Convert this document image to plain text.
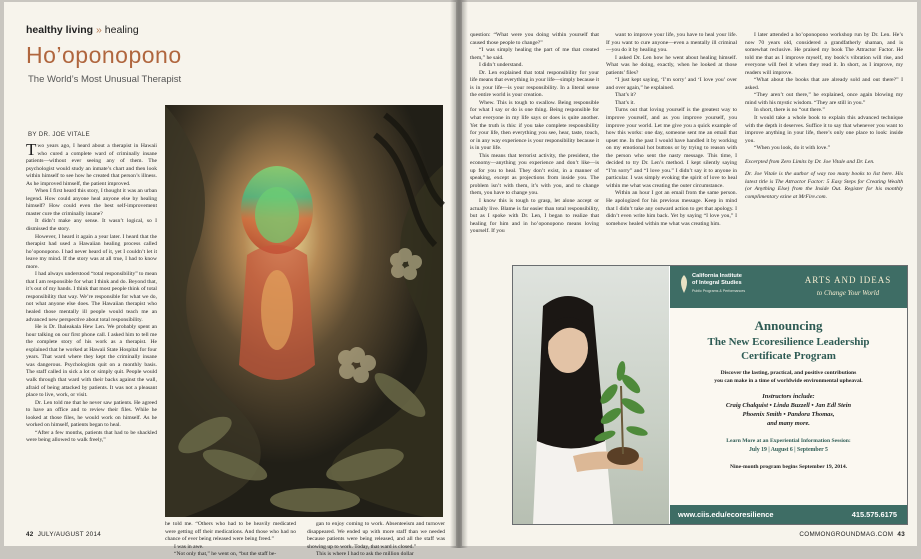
healthy living » healing
Ho’oponopono
The World’s Most Unusual Therapist
BY DR. JOE VITALE

Two years ago, I heard about a therapist in Hawaii who cured a complete ward of criminally insane patients—without ever seeing any of them. The psychologist would study an inmate’s chart and then look within himself to see how he created that person’s illness. As he improved himself, the patient improved.

When I first heard this story, I thought it was an urban legend. How could anyone heal anyone else by healing himself? How could even the best self-improvement master cure the criminally insane?

It didn’t make any sense. It wasn’t logical, so I dismissed the story.

However, I heard it again a year later. I heard that the therapist had used a Hawaiian healing process called ho’oponopono. I had never heard of it, yet I couldn’t let it leave my mind. If the story was at all true, I had to know more.

I had always understood “total responsibility” to mean that I am responsible for what I think and do. Beyond that, it’s out of my hands. I think that most people think of total responsibility that way. We’re responsible for what we do, not what anyone else does. The Hawaiian therapist who healed those mentally ill people would teach me an advanced new perspective about total responsibility.

He is Dr. Ihaleakala Hew Len. We probably spent an hour talking on our first phone call. I asked him to tell me the complete story of his work as a therapist. He explained that he worked at Hawaii State Hospital for four years. That ward where they kept the criminally insane was dangerous. Psychologists quit on a monthly basis. The staff called in sick a lot or simply quit. People would walk through that ward with their backs against the wall, afraid of being attacked by patients. It was not a pleasant place to live, work, or visit.

Dr. Len told me that he never saw patients. He agreed to have an office and to review their files. While he looked at those files, he would work on himself. As he worked on himself, patients began to heal.

“After a few months, patients that had to be shackled were being allowed to walk freely,”

he told me. “Others who had to be heavily medicated were getting off their medications. And those who had no chance of ever being released were being freed.”

I was in awe.

“Not only that,” he went on, “but the staff be-

gan to enjoy coming to work. Absenteeism and turnover disappeared. We ended up with more staff than we needed because patients were being released, and all the staff was showing up to work. Today, that ward is closed.”

This is where I had to ask the million dollar

42 JULY/AUGUST 2014

question: “What were you doing within yourself that caused those people to change?”

“I was simply healing the part of me that created them,” he said.

I didn’t understand.

Dr. Len explained that total responsibility for your life means that everything in your life—simply because it is in your life—is your responsibility. In a literal sense the entire world is your creation.

Whew. This is tough to swallow. Being responsible for what I say or do is one thing. Being responsible for what everyone in my life says or does is quite another. Yet the truth is this: if you take complete responsibility for your life, then everything you see, hear, taste, touch, or in any way experience is your responsibility because it is in your life.

This means that terrorist activity, the president, the economy—anything you experience and don’t like—is up for you to heal. They don’t exist, in a manner of speaking, except as projections from inside you. The problem isn’t with them, it’s with you, and to change them, you have to change you.

I know this is tough to grasp, let alone accept or actually live. Blame is far easier than total responsibility, but as I spoke with Dr. Len, I began to realize that healing for him and in ho’oponopono means loving yourself. If you

want to improve your life, you have to heal your life. If you want to cure anyone—even a mentally ill criminal—you do it by healing you.

I asked Dr. Len how he went about healing himself. What was he doing, exactly, when he looked at those patients’ files?

“I just kept saying, ‘I’m sorry’ and ‘I love you’ over and over again,” he explained.

That’s it?

That’s it.

Turns out that loving yourself is the greatest way to improve yourself, and as you improve yourself, you improve your world. Let me give you a quick example of how this works: one day, someone sent me an email that upset me. In the past I would have handled it by working on my emotional hot buttons or by trying to reason with the person who sent the nasty message. This time, I decided to try Dr. Len’s method. I kept silently saying “I’m sorry” and “I love you.” I didn’t say it to anyone in particular. I was simply evoking the spirit of love to heal within me what was creating the outer circumstance.

Within an hour I got an email from the same person. He apologized for his previous message. Keep in mind that I didn’t take any outward action to get that apology. I didn’t even write him back. Yet by saying “I love you,” I somehow healed within me what was creating him.

I later attended a ho’oponopono workshop run by Dr. Len. He’s now 70 years old, considered a grandfatherly shaman, and is somewhat reclusive. He praised my book The Attractor Factor. He told me that as I improve myself, my book’s vibration will rise, and everyone will feel it when they read it. In short, as I improve, my readers will improve.

“What about the books that are already sold and out there?” I asked.

“They aren’t out there,” he explained, once again blowing my mind with his mystic wisdom. “They are still in you.”

In short, there is no “out there.”

It would take a whole book to explain this advanced technique with the depth it deserves. Suffice it to say that whenever you want to improve anything in your life, there’s only one place to look: inside you.

“When you look, do it with love.”

Excerpted from Zero Limits by Dr. Joe Vitale and Dr. Len.

Dr. Joe Vitale is the author of way too many books to list here. His latest title is The Attractor Factor: 5 Easy Steps for Creating Wealth (or Anything Else) from the Inside Out. Register for his monthly complimentary ezine at MrFire.com.

California Institute
of Integral Studies
Public Programs & Performances
ARTS AND IDEAS
to Change Your World
Announcing
The New Ecoresilience Leadership
Certificate Program
Discover the lasting, practical, and positive contributions
you can make in a time of worldwide environmental upheaval.
Instructors include:
Craig Chalquist • Linda Buzzell • Jan Edl Stein
Phoenix Smith • Pandora Thomas,
and many more.
Learn More at an Experiential Information Session:
July 19 | August 6 | September 5
Nine-month program begins September 19, 2014.
www.ciis.edu/ecoresilience	415.575.6175
COMMONGROUNDMAG.COM 43
